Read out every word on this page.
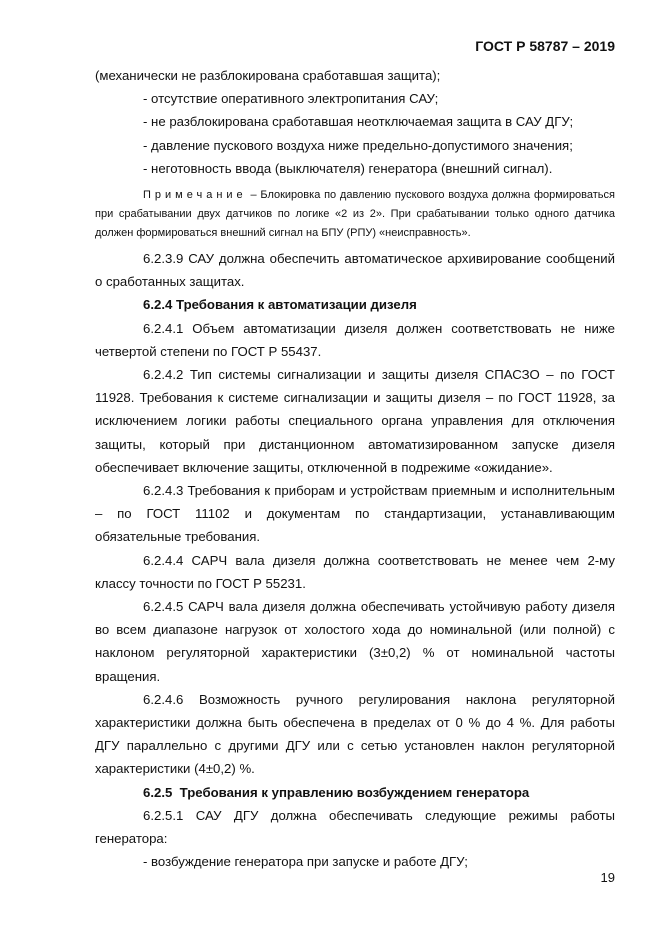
ГОСТ Р 58787 – 2019

(механически не разблокирована сработавшая защита);

- отсутствие оперативного электропитания САУ;

- не разблокирована сработавшая неотключаемая защита в САУ ДГУ;

- давление пускового воздуха ниже предельно-допустимого значения;

- неготовность ввода (выключателя) генератора (внешний сигнал).

Примечание – Блокировка по давлению пускового воздуха должна формироваться при срабатывании двух датчиков по логике «2 из 2». При срабатывании только одного датчика должен формироваться внешний сигнал на БПУ (РПУ) «неисправность».

6.2.3.9 САУ должна обеспечить автоматическое архивирование сообщений о сработанных защитах.

6.2.4 Требования к автоматизации дизеля

6.2.4.1 Объем автоматизации дизеля должен соответствовать не ниже четвертой степени по ГОСТ Р 55437.

6.2.4.2 Тип системы сигнализации и защиты дизеля СПАСЗО – по ГОСТ 11928. Требования к системе сигнализации и защиты дизеля – по ГОСТ 11928, за исключением логики работы специального органа управления для отключения защиты, который при дистанционном автоматизированном запуске дизеля обеспечивает включение защиты, отключенной в подрежиме «ожидание».

6.2.4.3 Требования к приборам и устройствам приемным и исполнительным – по ГОСТ 11102 и документам по стандартизации, устанавливающим обязательные требования.

6.2.4.4 САРЧ вала дизеля должна соответствовать не менее чем 2-му классу точности по ГОСТ Р 55231.

6.2.4.5 САРЧ вала дизеля должна обеспечивать устойчивую работу дизеля во всем диапазоне нагрузок от холостого хода до номинальной (или полной) с наклоном регуляторной характеристики (3±0,2) % от номинальной частоты вращения.

6.2.4.6 Возможность ручного регулирования наклона регуляторной характеристики должна быть обеспечена в пределах от 0 % до 4 %. Для работы ДГУ параллельно с другими ДГУ или с сетью установлен наклон регуляторной характеристики (4±0,2) %.

6.2.5 Требования к управлению возбуждением генератора

6.2.5.1 САУ ДГУ должна обеспечивать следующие режимы работы генератора:

- возбуждение генератора при запуске и работе ДГУ;

19
